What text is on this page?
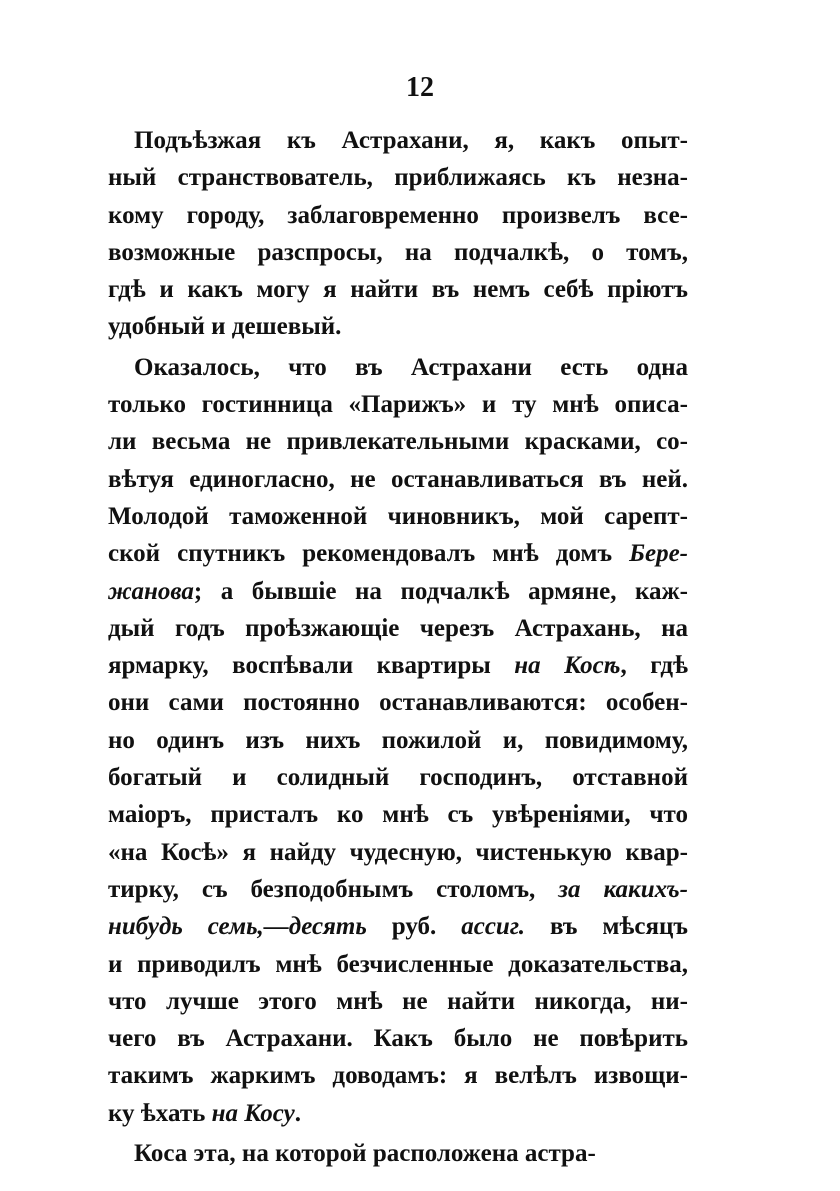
12
Подъѣзжая къ Астрахани, я, какъ опыт-
ный странствователь, приближаясь къ незна-
кому городу, заблаговременно произвелъ все-
возможные разспросы, на подчалкѣ, о томъ,
гдѣ и какъ могу я найти въ немъ себѣ пріютъ
удобный и дешевый.
Оказалось, что въ Астрахани есть одна
только гостинница «Парижъ» и ту мнѣ описа-
ли весьма не привлекательными красками, со-
вѣтуя единогласно, не останавливаться въ ней.
Молодой таможенной чиновникъ, мой сарепт-
ской спутникъ рекомендовалъ мнѣ домъ Бере-
жанова; а бывшіе на подчалкѣ армяне, каж-
дый годъ проѣзжающіе черезъ Астрахань, на
ярмарку, воспѣвали квартиры на Косѣ, гдѣ
они сами постоянно останавливаются: особен-
но одинъ изъ нихъ пожилой и, повидимому,
богатый и солидный господинъ, отставной
маіоръ, присталъ ко мнѣ съ увѣреніями, что
«на Косѣ» я найду чудесную, чистенькую квар-
тирку, съ безподобнымъ столомъ, за какихъ-
нибудь семь,—десять руб. ассиг. въ мѣсяцъ
и приводилъ мнѣ безчисленные доказательства,
что лучше этого мнѣ не найти никогда, ни-
чего въ Астрахани. Какъ было не повѣрить
такимъ жаркимъ доводамъ: я велѣлъ извощи-
ку ѣхать на Косу.
Коса эта, на которой расположена астра-
